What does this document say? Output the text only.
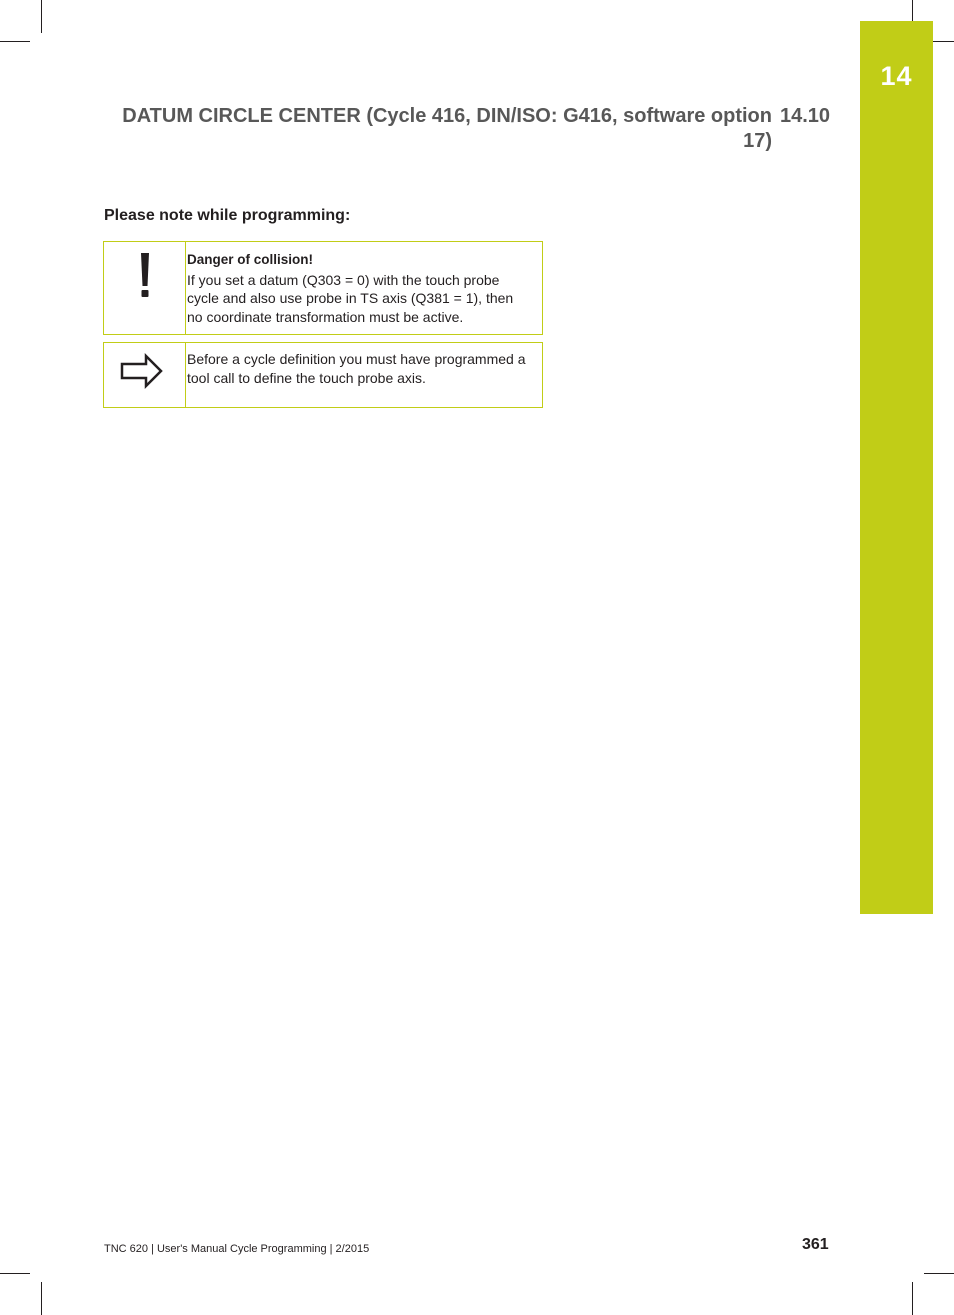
14
DATUM CIRCLE CENTER (Cycle 416, DIN/ISO: G416, software option
17)
14.10
Please note while programming:
Danger of collision!
If you set a datum (Q303 = 0) with the touch probe cycle and also use probe in TS axis (Q381 = 1), then no coordinate transformation must be active.
Before a cycle definition you must have programmed a tool call to define the touch probe axis.
TNC 620 | User's Manual Cycle Programming | 2/2015	361
